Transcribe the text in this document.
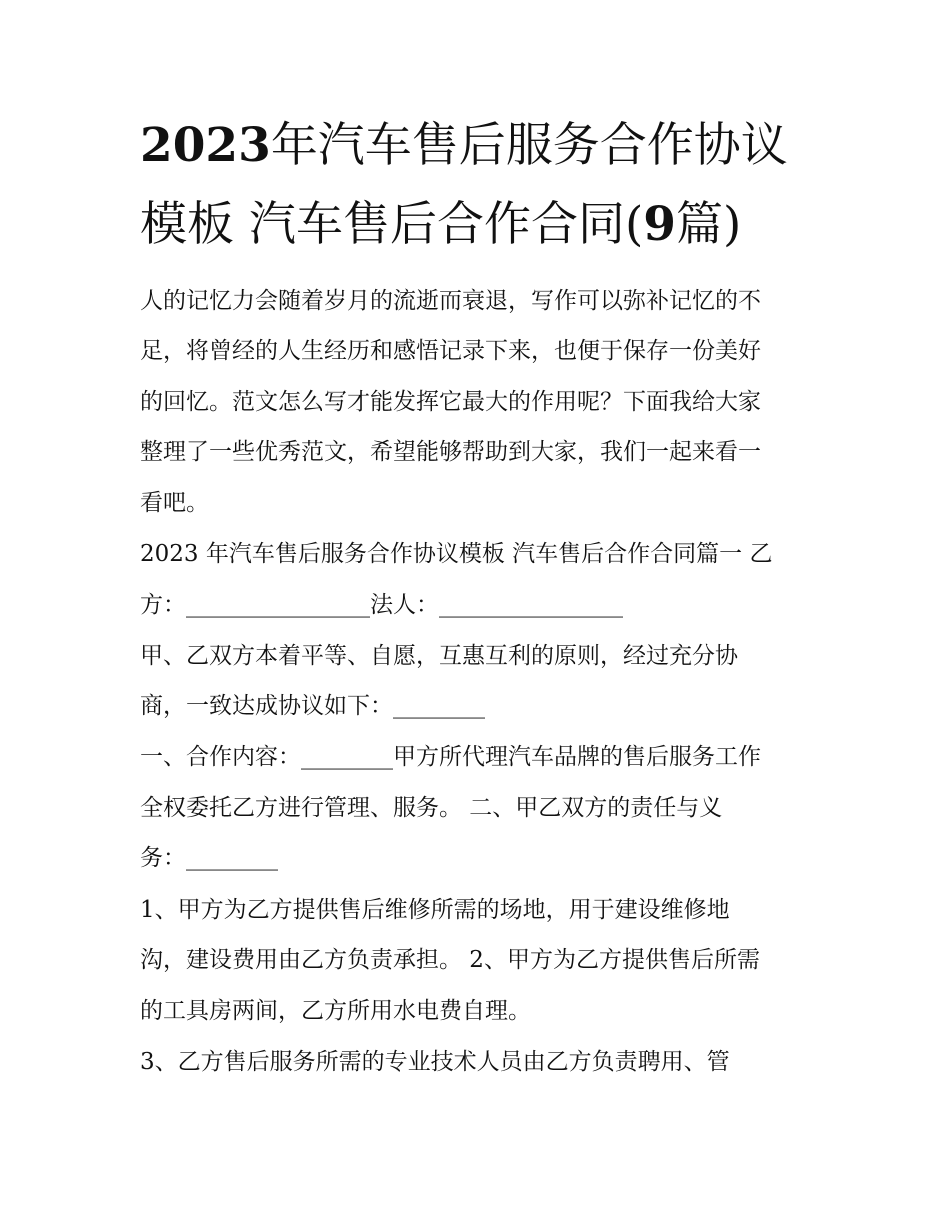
2023年汽车售后服务合作协议
模板 汽车售后合作合同(9篇)
人的记忆力会随着岁月的流逝而衰退，写作可以弥补记忆的不
足，将曾经的人生经历和感悟记录下来，也便于保存一份美好
的回忆。范文怎么写才能发挥它最大的作用呢？下面我给大家
整理了一些优秀范文，希望能够帮助到大家，我们一起来看一
看吧。
2023 年汽车售后服务合作协议模板 汽车售后合作合同篇一 乙
方：________________法人：________________
甲、乙双方本着平等、自愿，互惠互利的原则，经过充分协
商，一致达成协议如下：________
一、合作内容：________甲方所代理汽车品牌的售后服务工作
全权委托乙方进行管理、服务。 二、甲乙双方的责任与义
务：________
1、甲方为乙方提供售后维修所需的场地，用于建设维修地
沟，建设费用由乙方负责承担。 2、甲方为乙方提供售后所需
的工具房两间，乙方所用水电费自理。
3、乙方售后服务所需的专业技术人员由乙方负责聘用、管
